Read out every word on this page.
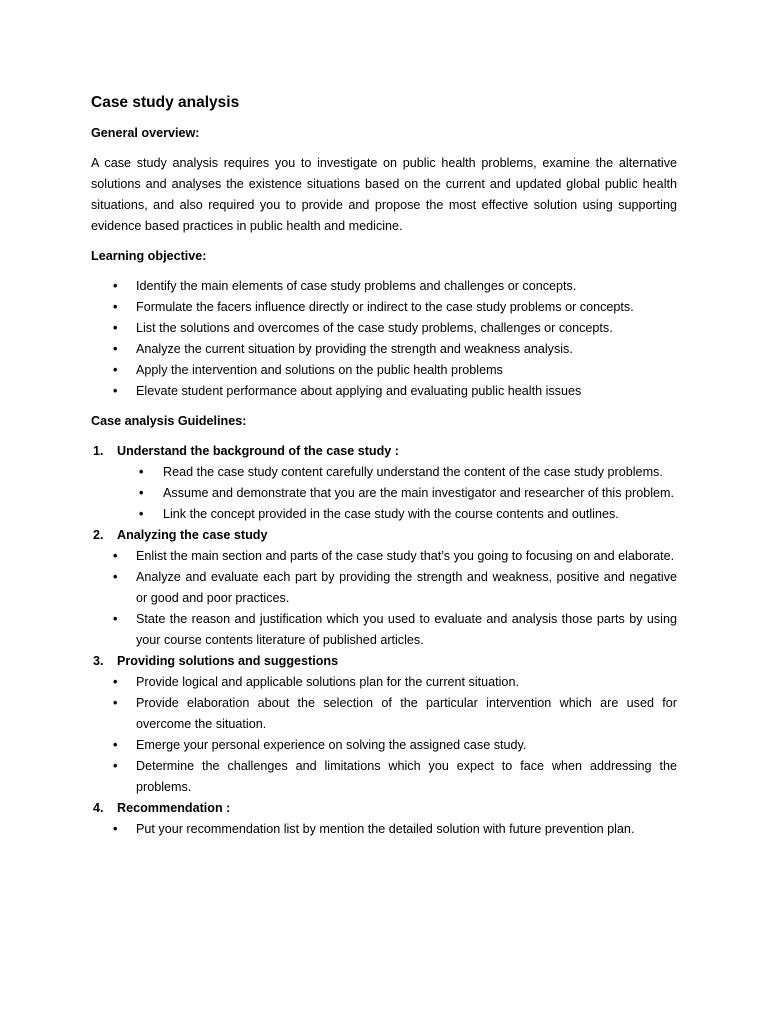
Case study analysis
General overview:
A case study analysis requires you to investigate on public health problems, examine the alternative solutions and analyses the existence situations based on the current and updated global public health situations, and also required you to provide and propose the most effective solution using supporting evidence based practices in public health and medicine.
Learning objective:
• Identify the main elements of case study problems and challenges or concepts.
• Formulate the facers influence directly or indirect to the case study problems or concepts.
• List the solutions and overcomes of the case study problems, challenges or concepts.
• Analyze the current situation by providing the strength and weakness analysis.
• Apply the intervention and solutions on the public health problems
• Elevate student performance about applying and evaluating public health issues
Case analysis Guidelines:
1. Understand the background of the case study :
• Read the case study content carefully understand the content of the case study problems.
• Assume and demonstrate that you are the main investigator and researcher of this problem.
• Link the concept provided in the case study with the course contents and outlines.
2. Analyzing the case study
• Enlist the main section and parts of the case study that’s you going to focusing on and elaborate.
• Analyze and evaluate each part by providing the strength and weakness, positive and negative or good and poor practices.
• State the reason and justification which you used to evaluate and analysis those parts by using your course contents literature of published articles.
3. Providing solutions and suggestions
• Provide logical and applicable solutions plan for the current situation.
• Provide elaboration about the selection of the particular intervention which are used for overcome the situation.
• Emerge your personal experience on solving the assigned case study.
• Determine the challenges and limitations which you expect to face when addressing the problems.
4. Recommendation :
• Put your recommendation list by mention the detailed solution with future prevention plan.
